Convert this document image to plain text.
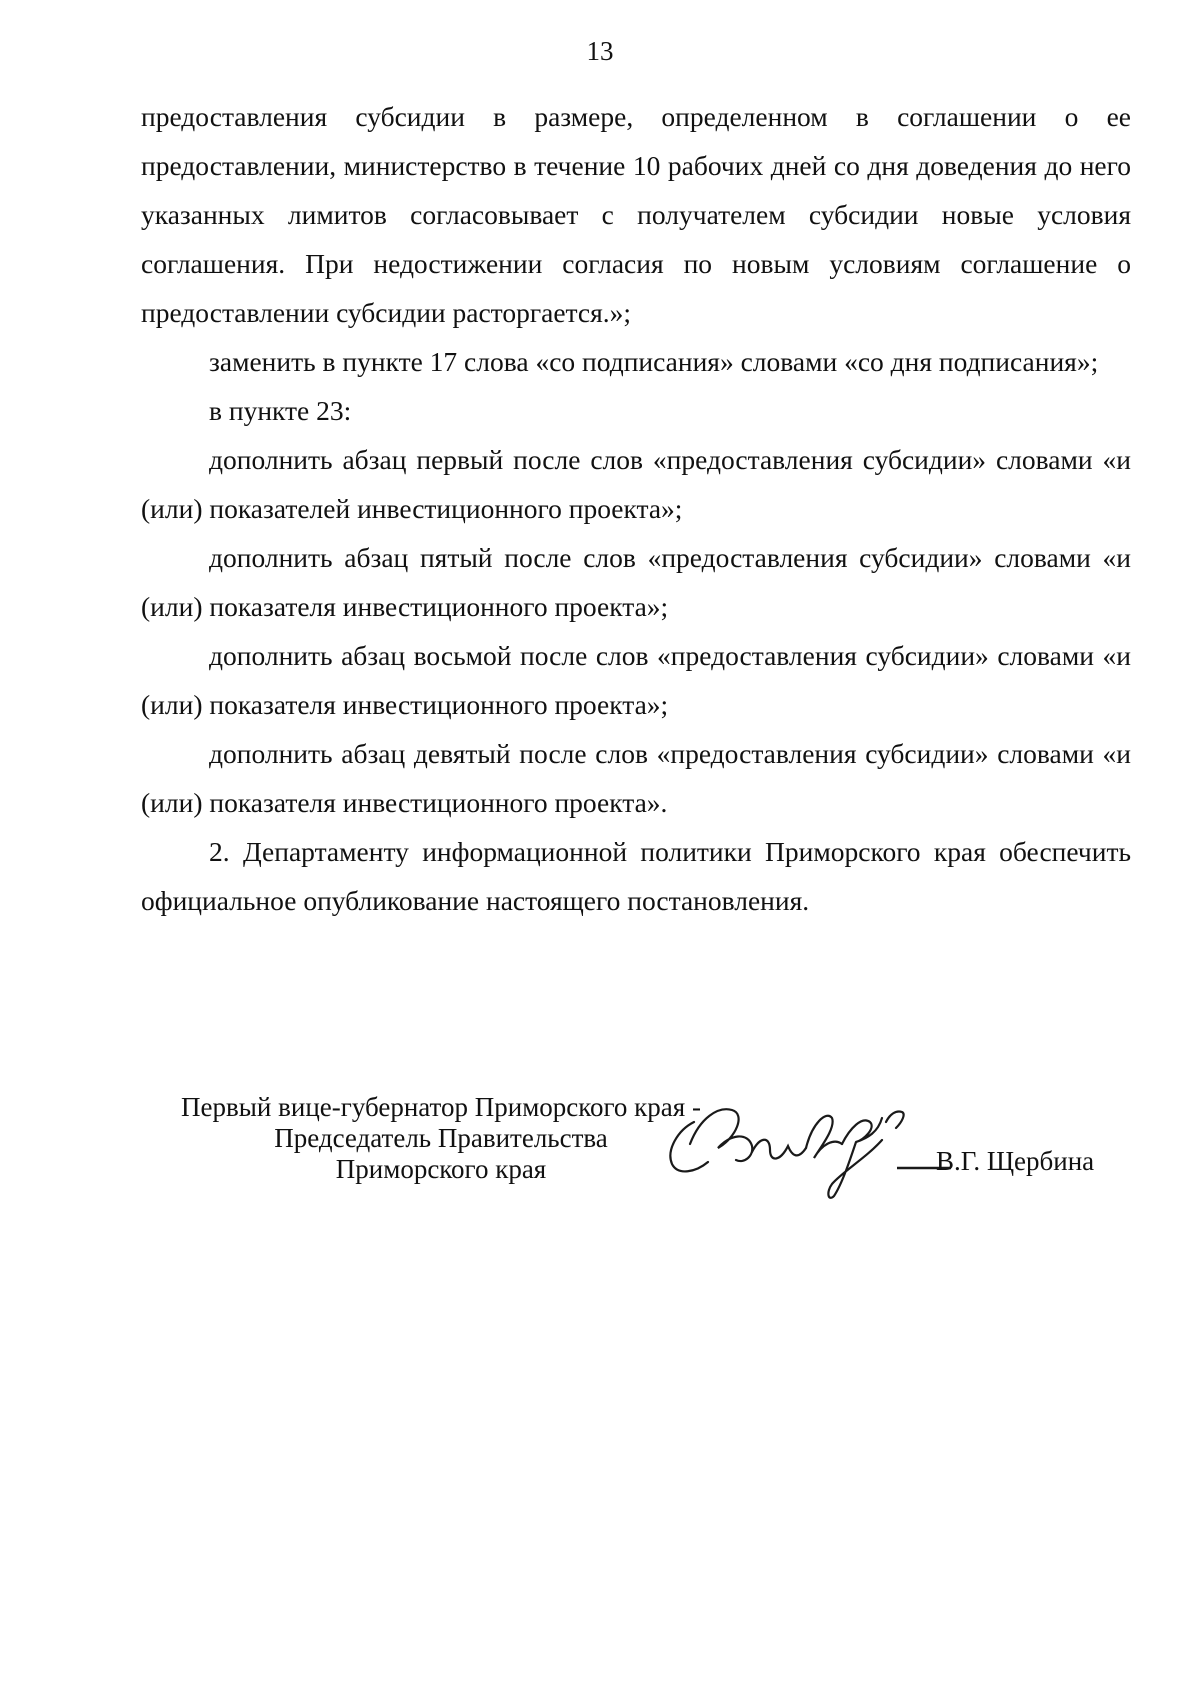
13

предоставления субсидии в размере, определенном в соглашении о ее предоставлении, министерство в течение 10 рабочих дней со дня доведения до него указанных лимитов согласовывает с получателем субсидии новые условия соглашения. При недостижении согласия по новым условиям соглашение о предоставлении субсидии расторгается.»;

заменить в пункте 17 слова «со подписания» словами «со дня подписания»;

в пункте 23:

дополнить абзац первый после слов «предоставления субсидии» словами «и (или) показателей инвестиционного проекта»;

дополнить абзац пятый после слов «предоставления субсидии» словами «и (или) показателя инвестиционного проекта»;

дополнить абзац восьмой после слов «предоставления субсидии» словами «и (или) показателя инвестиционного проекта»;

дополнить абзац девятый после слов «предоставления субсидии» словами «и (или) показателя инвестиционного проекта».

2. Департаменту информационной политики Приморского края обеспечить официальное опубликование настоящего постановления.

Первый вице-губернатор Приморского края -
Председатель Правительства
Приморского края	В.Г. Щербина
